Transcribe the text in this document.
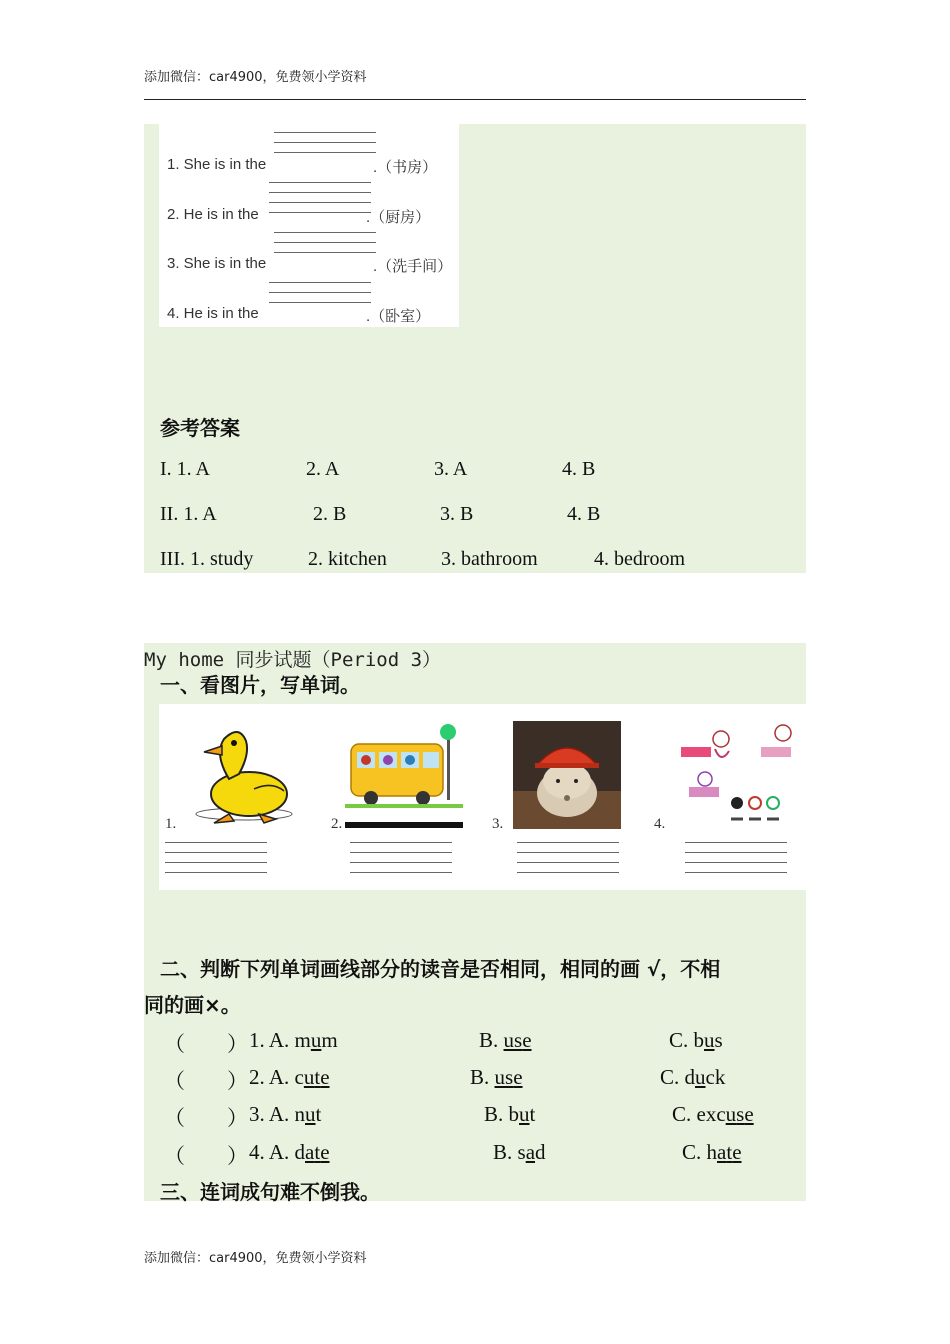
添加微信：car4900，免费领小学资料
1. She is in the	.（书房）
2. He is in the	.（厨房）
3. She is in the	.（洗手间）
4. He is in the	.（卧室）
参考答案
I. 1. A	2. A	3. A	4. B
II. 1. A	2. B	3. B	4. B
III. 1. study	2. kitchen	3. bathroom	4. bedroom
My home 同步试题（Period 3）
一、看图片，写单词。
1.	2.	3.	4.
二、判断下列单词画线部分的读音是否相同，相同的画 √，不相
同的画×。
（　　） 1. A. mum	B. use	C. bus
（　　） 2. A. cute	B. use	C. duck
（　　） 3. A. nut	B. but	C. excuse
（　　） 4. A. date	B. sad	C. hate
三、连词成句难不倒我。
添加微信：car4900，免费领小学资料
